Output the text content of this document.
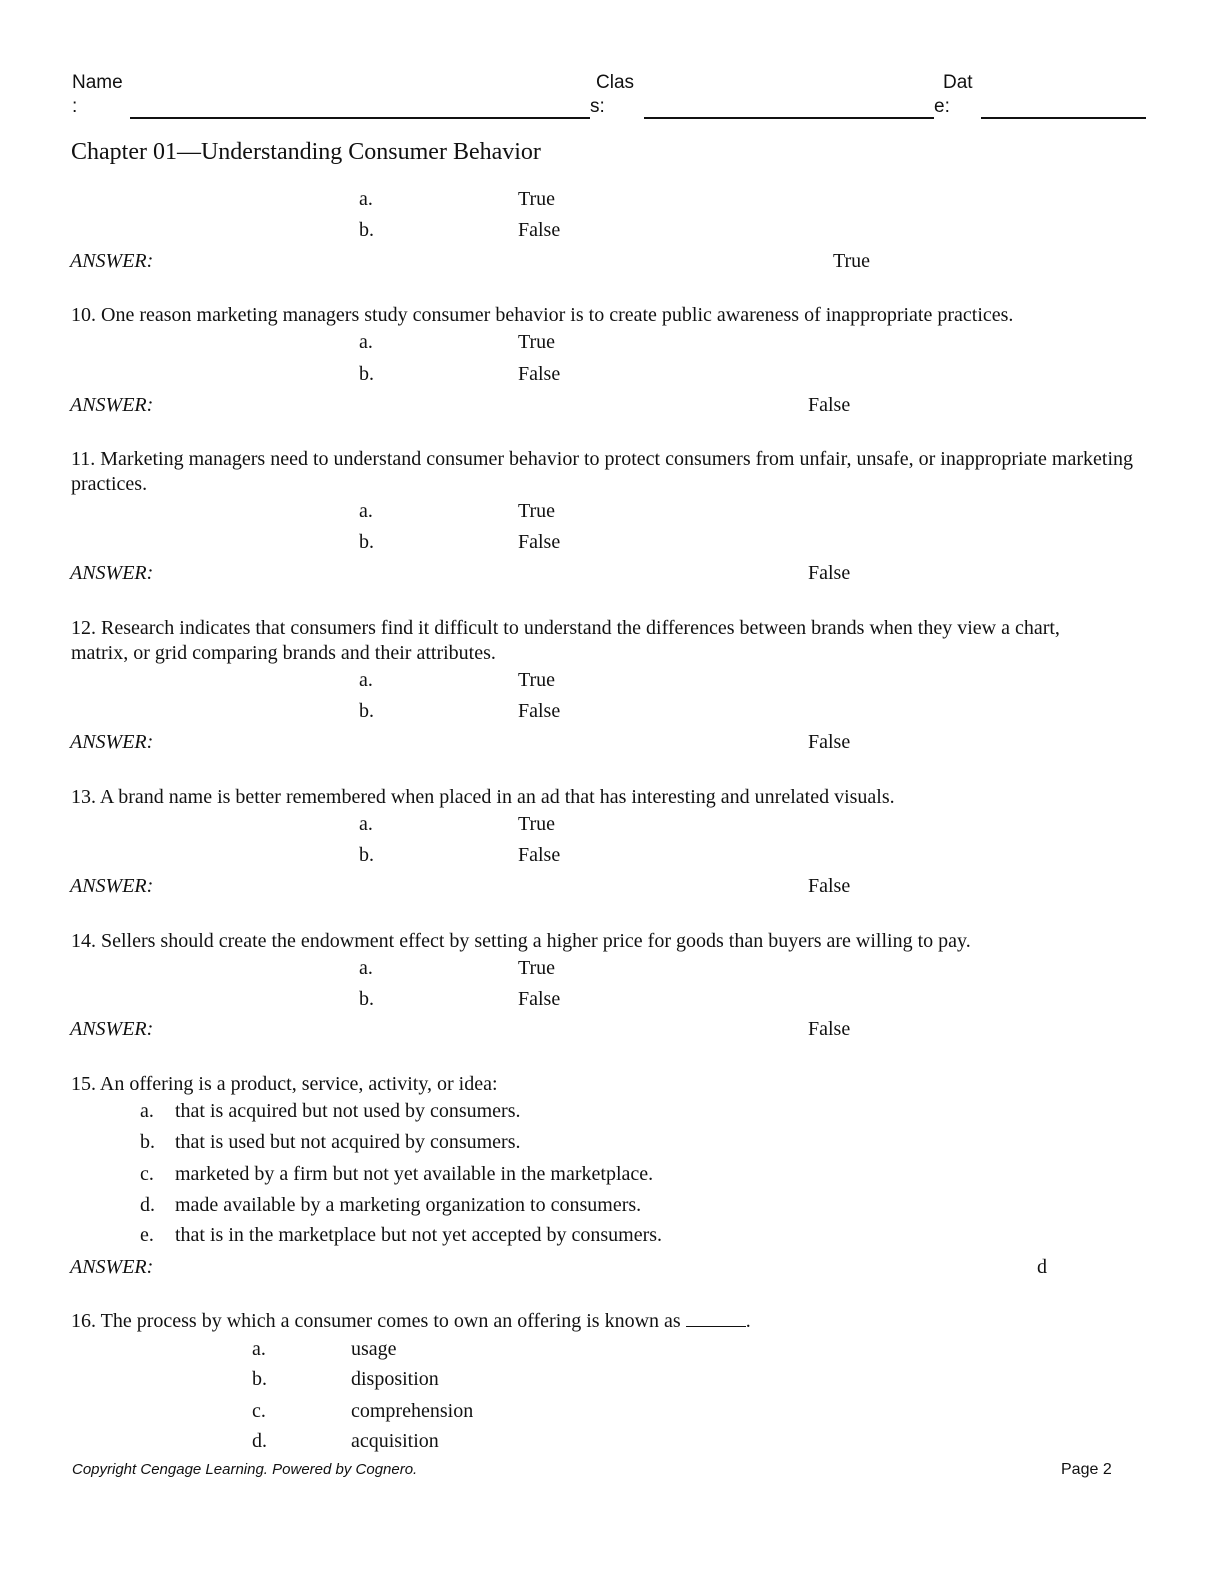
Name
:
Clas
s:
Dat
e:
Chapter 01—Understanding Consumer Behavior
a.	True
b.	False
ANSWER:	True
10. One reason marketing managers study consumer behavior is to create public awareness of inappropriate practices.
a.	True
b.	False
ANSWER:	False
11. Marketing managers need to understand consumer behavior to protect consumers from unfair, unsafe, or inappropriate marketing practices.
a.	True
b.	False
ANSWER:	False
12. Research indicates that consumers find it difficult to understand the differences between brands when they view a chart, matrix, or grid comparing brands and their attributes.
a.	True
b.	False
ANSWER:	False
13. A brand name is better remembered when placed in an ad that has interesting and unrelated visuals.
a.	True
b.	False
ANSWER:	False
14. Sellers should create the endowment effect by setting a higher price for goods than buyers are willing to pay.
a.	True
b.	False
ANSWER:	False
15. An offering is a product, service, activity, or idea:
a. that is acquired but not used by consumers.
b. that is used but not acquired by consumers.
c. marketed by a firm but not yet available in the marketplace.
d. made available by a marketing organization to consumers.
e. that is in the marketplace but not yet accepted by consumers.
ANSWER:	d
16. The process by which a consumer comes to own an offering is known as	.
a.	usage
b.	disposition
c.	comprehension
d.	acquisition
Copyright Cengage Learning. Powered by Cognero.	Page 2
